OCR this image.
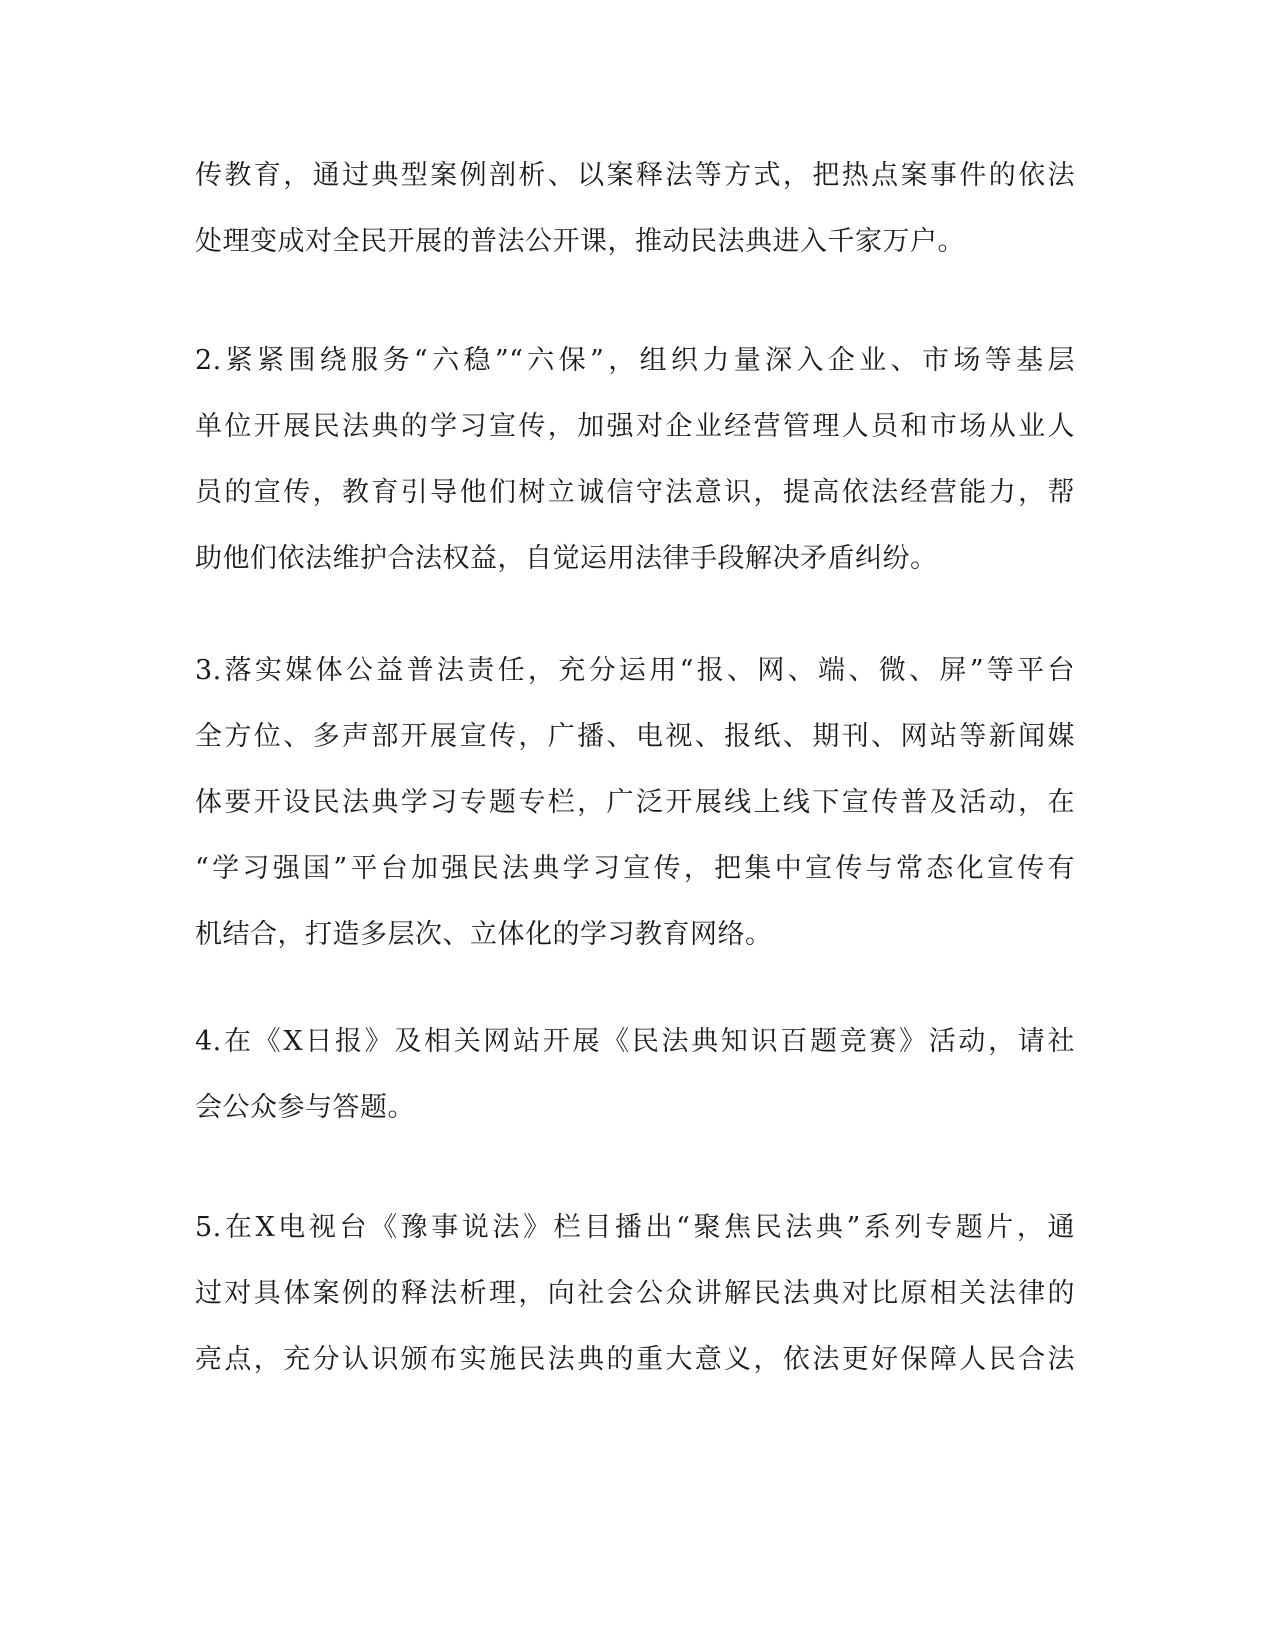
传教育，通过典型案例剖析、以案释法等方式，把热点案事件的依法
处理变成对全民开展的普法公开课，推动民法典进入千家万户。
2.紧紧围绕服务“六稳”“六保”，组织力量深入企业、市场等基层
单位开展民法典的学习宣传，加强对企业经营管理人员和市场从业人
员的宣传，教育引导他们树立诚信守法意识，提高依法经营能力，帮
助他们依法维护合法权益，自觉运用法律手段解决矛盾纠纷。
3.落实媒体公益普法责任，充分运用“报、网、端、微、屏”等平台
全方位、多声部开展宣传，广播、电视、报纸、期刊、网站等新闻媒
体要开设民法典学习专题专栏，广泛开展线上线下宣传普及活动，在
“学习强国”平台加强民法典学习宣传，把集中宣传与常态化宣传有
机结合，打造多层次、立体化的学习教育网络。
4.在《X日报》及相关网站开展《民法典知识百题竞赛》活动，请社
会公众参与答题。
5.在X电视台《豫事说法》栏目播出“聚焦民法典”系列专题片，通
过对具体案例的释法析理，向社会公众讲解民法典对比原相关法律的
亮点，充分认识颁布实施民法典的重大意义，依法更好保障人民合法
